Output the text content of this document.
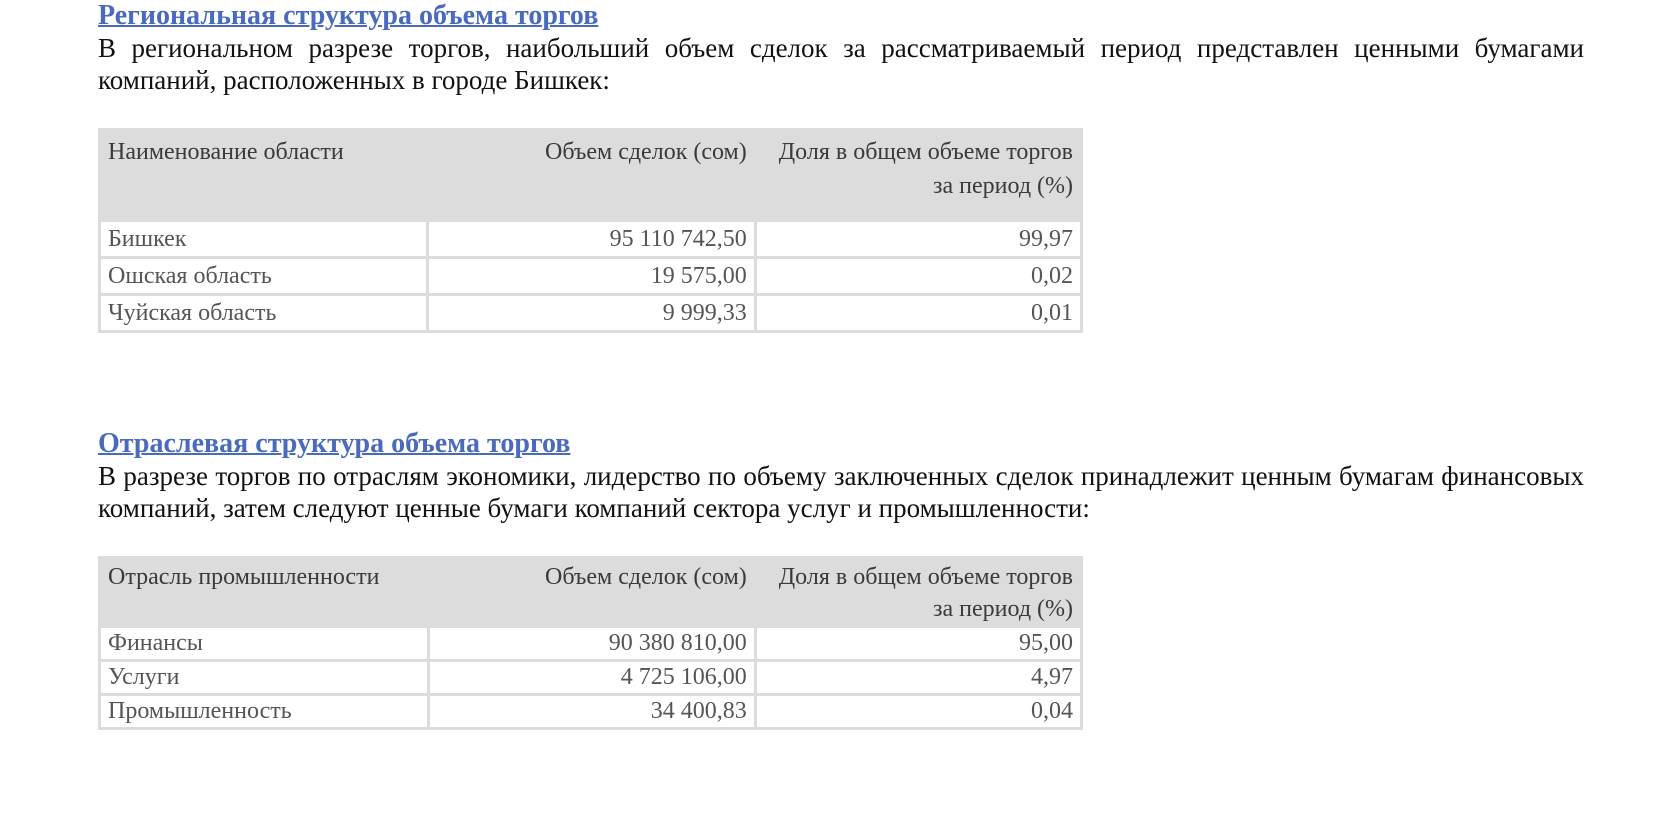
Региональная структура объема торгов

В региональном разрезе торгов, наибольший объем сделок за рассматриваемый период представлен ценными бумагами компаний, расположенных в городе Бишкек:

Наименование области	Объем сделок (сом)	Доля в общем объеме торгов за период (%)
Бишкек	95 110 742,50	99,97
Ошская область	19 575,00	0,02
Чуйская область	9 999,33	0,01
Отраслевая структура объема торгов

В разрезе торгов по отраслям экономики, лидерство по объему заключенных сделок принадлежит ценным бумагам финансовых компаний, затем следуют ценные бумаги компаний сектора услуг и промышленности:

Отрасль промышленности	Объем сделок (сом)	Доля в общем объеме торгов за период (%)
Финансы	90 380 810,00	95,00
Услуги	4 725 106,00	4,97
Промышленность	34 400,83	0,04
